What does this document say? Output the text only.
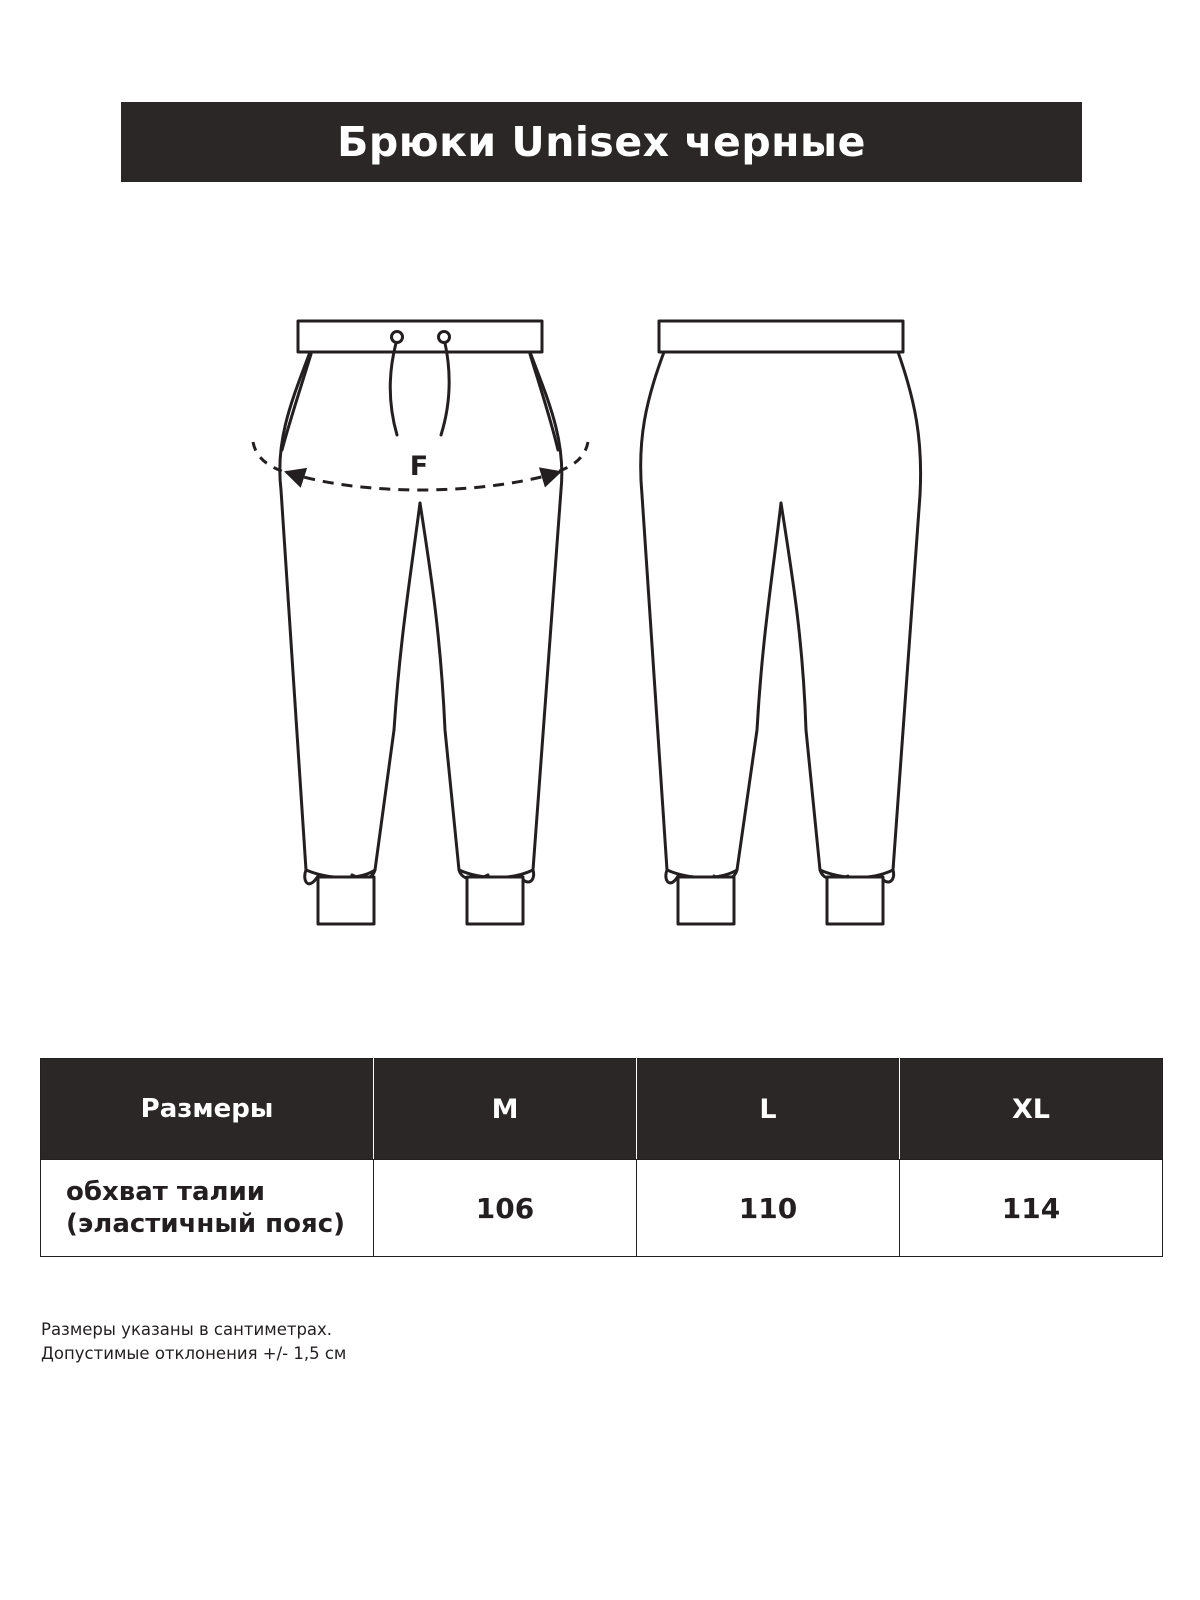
Брюки Unisex черные
F
Размеры	M	L	XL

обхват талии
(эластичный пояс)	106	110	114
Размеры указаны в сантиметрах.
Допустимые отклонения +/- 1,5 см
